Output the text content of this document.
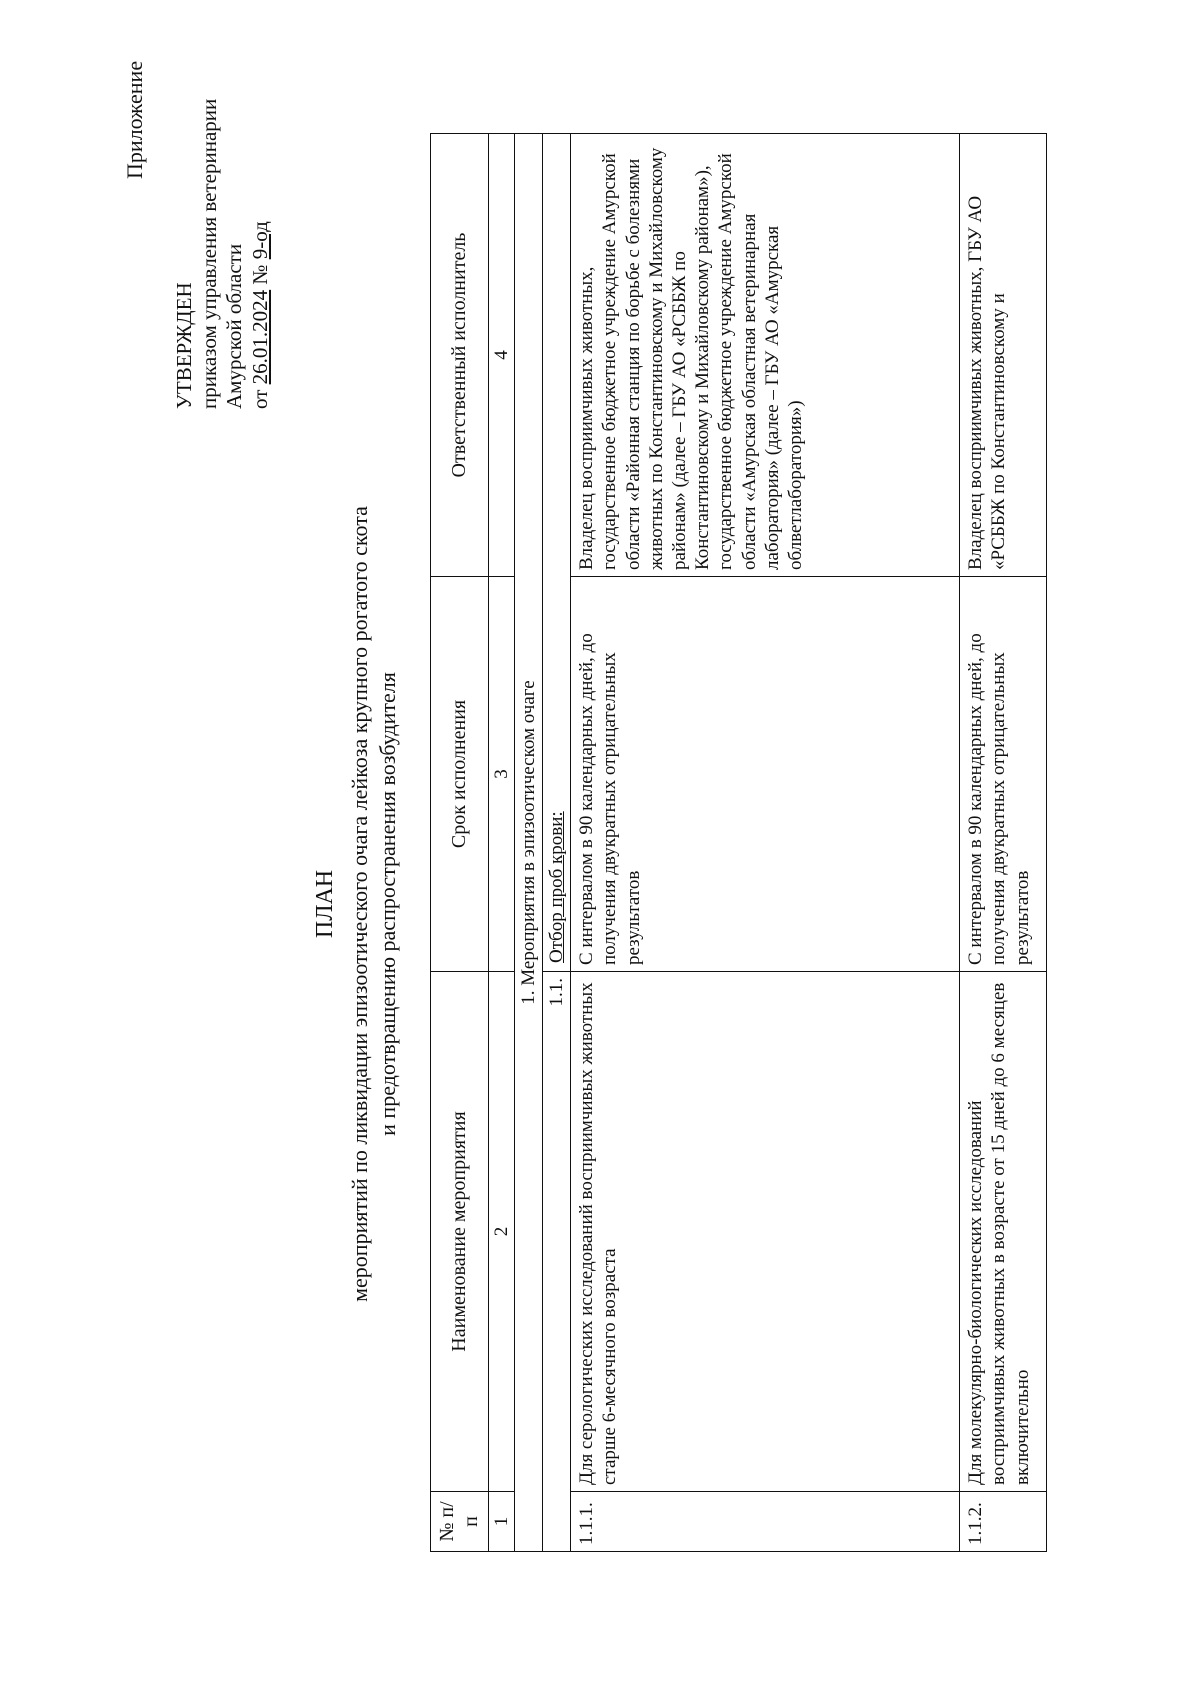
Приложение
УТВЕРЖДЕН приказом управления ветеринарии Амурской области от 26.01.2024 № 9-од
ПЛАН мероприятий по ликвидации эпизоотического очага лейкоза крупного рогатого скота и предотвращению распространения возбудителя
№ п/п	Наименование мероприятия	Срок исполнения	Ответственный исполнитель
1	2	3	4
1. Мероприятия в эпизоотическом очаге			
1.1.		Отбор проб крови:	
1.1.1.	Для серологических исследований восприимчивых животных старше 6-месячного возраста	С интервалом в 90 календарных дней, до получения двукратных отрицательных результатов	Владелец восприимчивых животных, государственное бюджетное учреждение Амурской области «Районная станция по борьбе с болезнями животных по Константиновскому и Михайловскому районам» (далее – ГБУ АО «РСББЖ по Константиновскому и Михайловскому районам»), государственное бюджетное учреждение Амурской области «Амурская областная ветеринарная лаборатория» (далее – ГБУ АО «Амурская облветлаборатория»)
1.1.2.	Для молекулярно-биологических исследований восприимчивых животных в возрасте от 15 дней до 6 месяцев включительно	С интервалом в 90 календарных дней, до получения двукратных отрицательных результатов	Владелец восприимчивых животных, ГБУ АО «РСББЖ по Константиновскому и
